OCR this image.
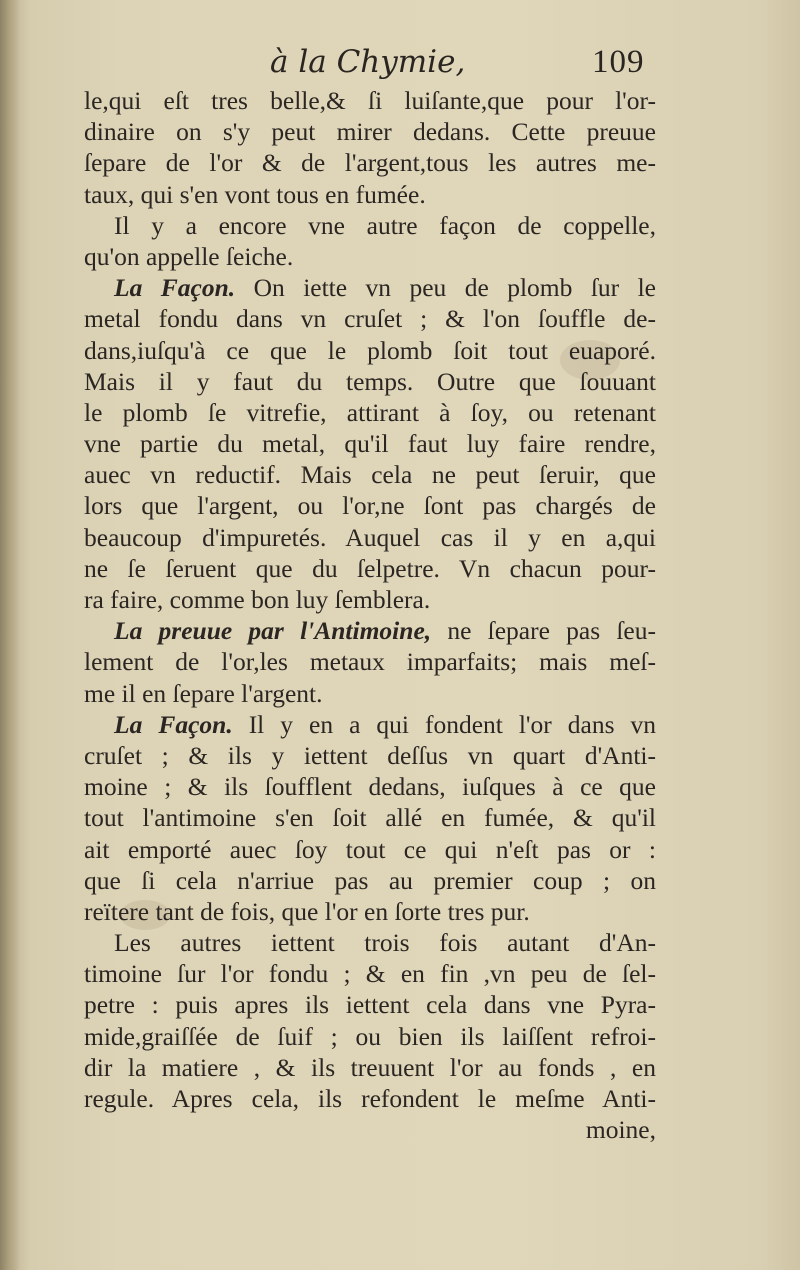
à la Chymie,	109
le,qui eſt tres belle,& ſi luiſante,que pour l'or-
dinaire on s'y peut mirer dedans. Cette preuue
ſepare de l'or & de l'argent,tous les autres me-
taux, qui s'en vont tous en fumée.
Il y a encore vne autre façon de coppelle,
qu'on appelle ſeiche.
La Façon. On iette vn peu de plomb ſur le
metal fondu dans vn cruſet ; & l'on ſouffle de-
dans,iuſqu'à ce que le plomb ſoit tout euaporé.
Mais il y faut du temps. Outre que ſouuant
le plomb ſe vitrefie, attirant à ſoy, ou retenant
vne partie du metal, qu'il faut luy faire rendre,
auec vn reductif. Mais cela ne peut ſeruir, que
lors que l'argent, ou l'or,ne ſont pas chargés de
beaucoup d'impuretés. Auquel cas il y en a,qui
ne ſe ſeruent que du ſelpetre. Vn chacun pour-
ra faire, comme bon luy ſemblera.
La preuue par l'Antimoine, ne ſepare pas ſeu-
lement de l'or,les metaux imparfaits; mais meſ-
me il en ſepare l'argent.
La Façon. Il y en a qui fondent l'or dans vn
cruſet ; & ils y iettent deſſus vn quart d'Anti-
moine ; & ils ſoufflent dedans, iuſques à ce que
tout l'antimoine s'en ſoit allé en fumée, & qu'il
ait emporté auec ſoy tout ce qui n'eſt pas or :
que ſi cela n'arriue pas au premier coup ; on
reïtere tant de fois, que l'or en ſorte tres pur.
Les autres iettent trois fois autant d'An-
timoine ſur l'or fondu ; & en fin ,vn peu de ſel-
petre : puis apres ils iettent cela dans vne Pyra-
mide,graiſſée de ſuif ; ou bien ils laiſſent refroi-
dir la matiere , & ils treuuent l'or au fonds , en
regule. Apres cela, ils refondent le meſme Anti-
moine,
